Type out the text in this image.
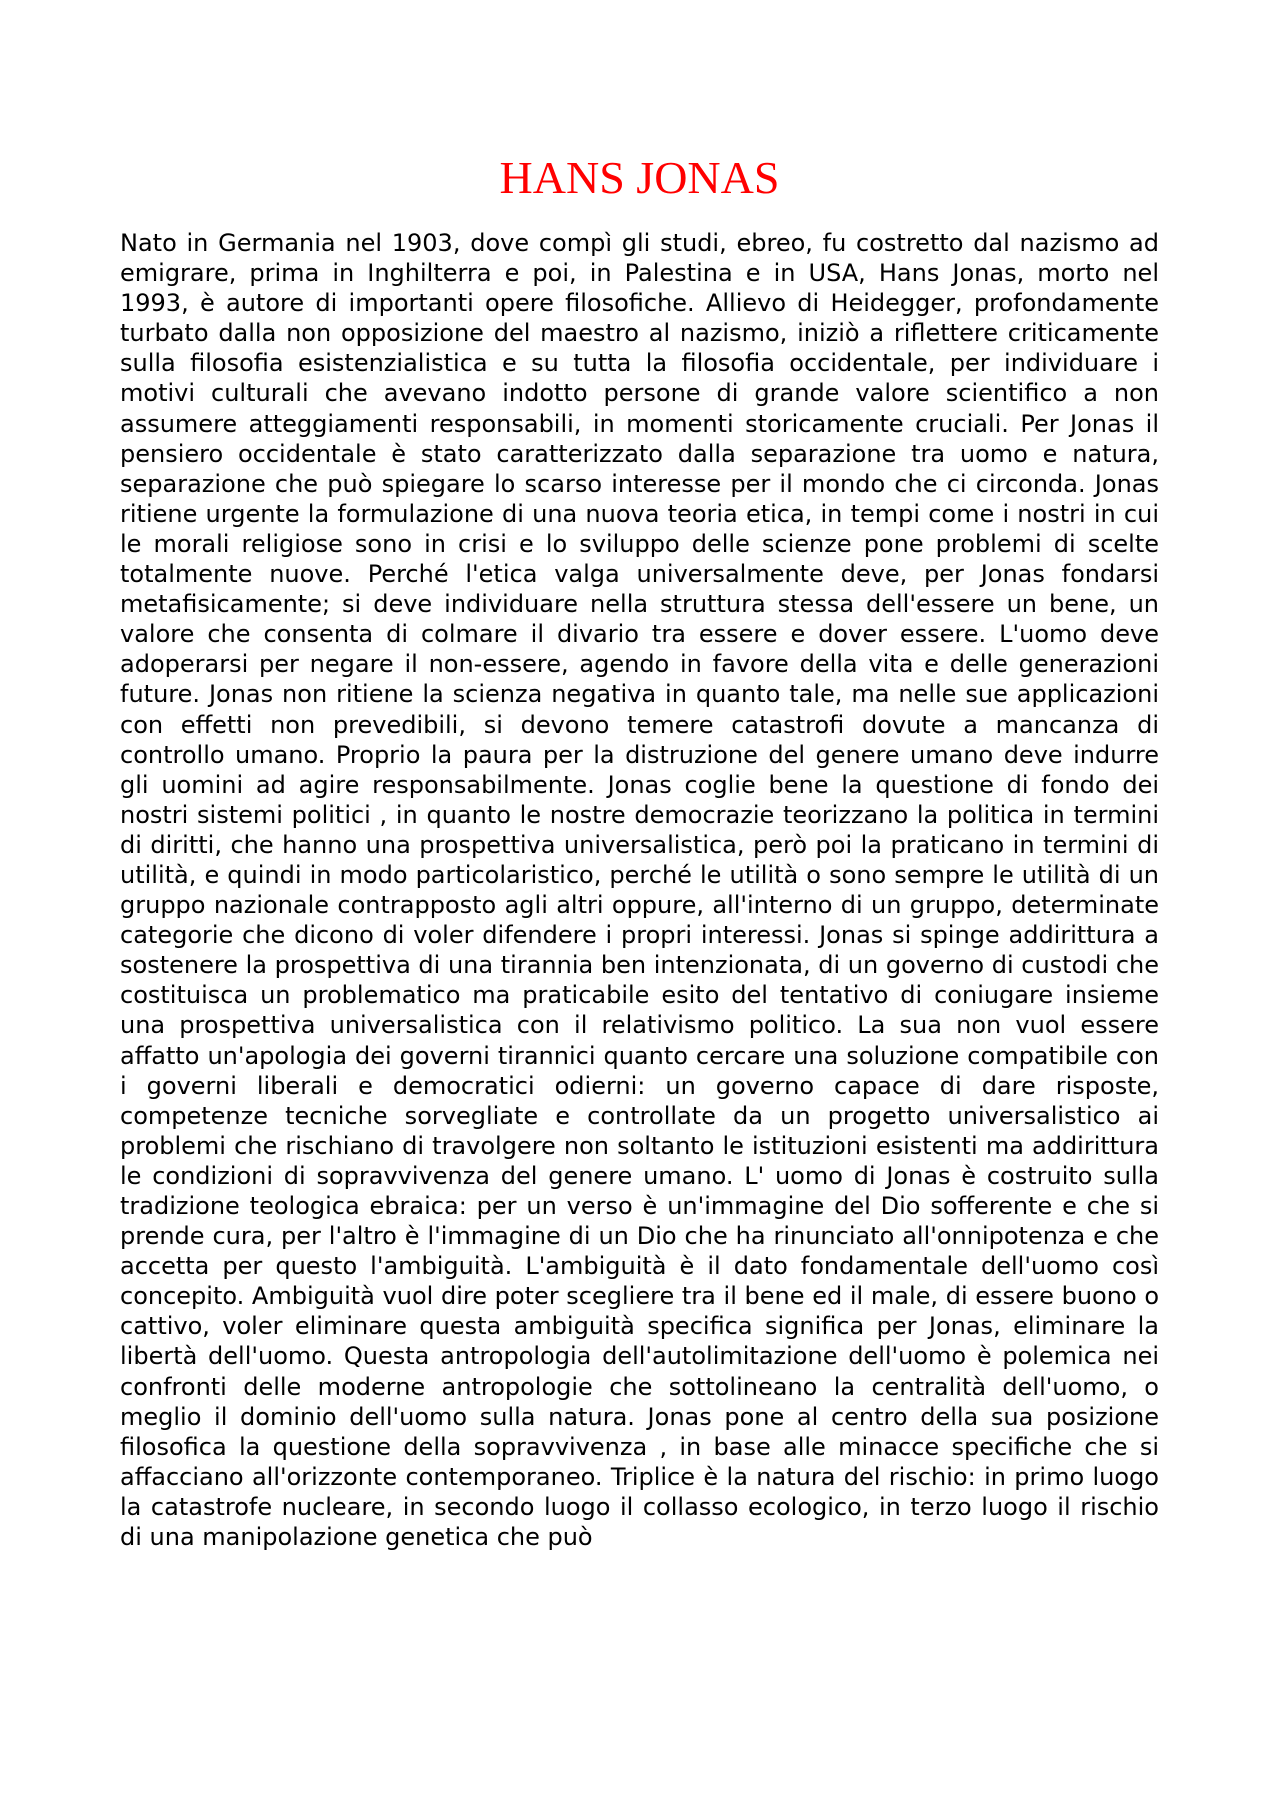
HANS JONAS

Nato in Germania nel 1903, dove compì gli studi, ebreo, fu costretto dal nazismo ad emigrare, prima in Inghilterra e poi, in Palestina e in USA, Hans Jonas, morto nel 1993, è autore di importanti opere filosofiche. Allievo di Heidegger, profondamente turbato dalla non opposizione del maestro al nazismo, iniziò a riflettere criticamente sulla filosofia esistenzialistica e su tutta la filosofia occidentale, per individuare i motivi culturali che avevano indotto persone di grande valore scientifico a non assumere atteggiamenti responsabili, in momenti storicamente cruciali. Per Jonas il pensiero occidentale è stato caratterizzato dalla separazione tra uomo e natura, separazione che può spiegare lo scarso interesse per il mondo che ci circonda. Jonas ritiene urgente la formulazione di una nuova teoria etica, in tempi come i nostri in cui le morali religiose sono in crisi e lo sviluppo delle scienze pone problemi di scelte totalmente nuove. Perché l'etica valga universalmente deve, per Jonas fondarsi metafisicamente; si deve individuare nella struttura stessa dell'essere un bene, un valore che consenta di colmare il divario tra essere e dover essere. L'uomo deve adoperarsi per negare il non-essere, agendo in favore della vita e delle generazioni future. Jonas non ritiene la scienza negativa in quanto tale, ma nelle sue applicazioni con effetti non prevedibili, si devono temere catastrofi dovute a mancanza di controllo umano. Proprio la paura per la distruzione del genere umano deve indurre gli uomini ad agire responsabilmente. Jonas coglie bene la questione di fondo dei nostri sistemi politici , in quanto le nostre democrazie teorizzano la politica in termini di diritti, che hanno una prospettiva universalistica, però poi la praticano in termini di utilità, e quindi in modo particolaristico, perché le utilità o sono sempre le utilità di un gruppo nazionale contrapposto agli altri oppure, all'interno di un gruppo, determinate categorie che dicono di voler difendere i propri interessi. Jonas si spinge addirittura a sostenere la prospettiva di una tirannia ben intenzionata, di un governo di custodi che costituisca un problematico ma praticabile esito del tentativo di coniugare insieme una prospettiva universalistica con il relativismo politico. La sua non vuol essere affatto un'apologia dei governi tirannici quanto cercare una soluzione compatibile con i governi liberali e democratici odierni: un governo capace di dare risposte, competenze tecniche sorvegliate e controllate da un progetto universalistico ai problemi che rischiano di travolgere non soltanto le istituzioni esistenti ma addirittura le condizioni di sopravvivenza del genere umano. L' uomo di Jonas è costruito sulla tradizione teologica ebraica: per un verso è un'immagine del Dio sofferente e che si prende cura, per l'altro è l'immagine di un Dio che ha rinunciato all'onnipotenza e che accetta per questo l'ambiguità. L'ambiguità è il dato fondamentale dell'uomo così concepito. Ambiguità vuol dire poter scegliere tra il bene ed il male, di essere buono o cattivo, voler eliminare questa ambiguità specifica significa per Jonas, eliminare la libertà dell'uomo. Questa antropologia dell'autolimitazione dell'uomo è polemica nei confronti delle moderne antropologie che sottolineano la centralità dell'uomo, o meglio il dominio dell'uomo sulla natura. Jonas pone al centro della sua posizione filosofica la questione della sopravvivenza , in base alle minacce specifiche che si affacciano all'orizzonte contemporaneo. Triplice è la natura del rischio: in primo luogo la catastrofe nucleare, in secondo luogo il collasso ecologico, in terzo luogo il rischio di una manipolazione genetica che può
